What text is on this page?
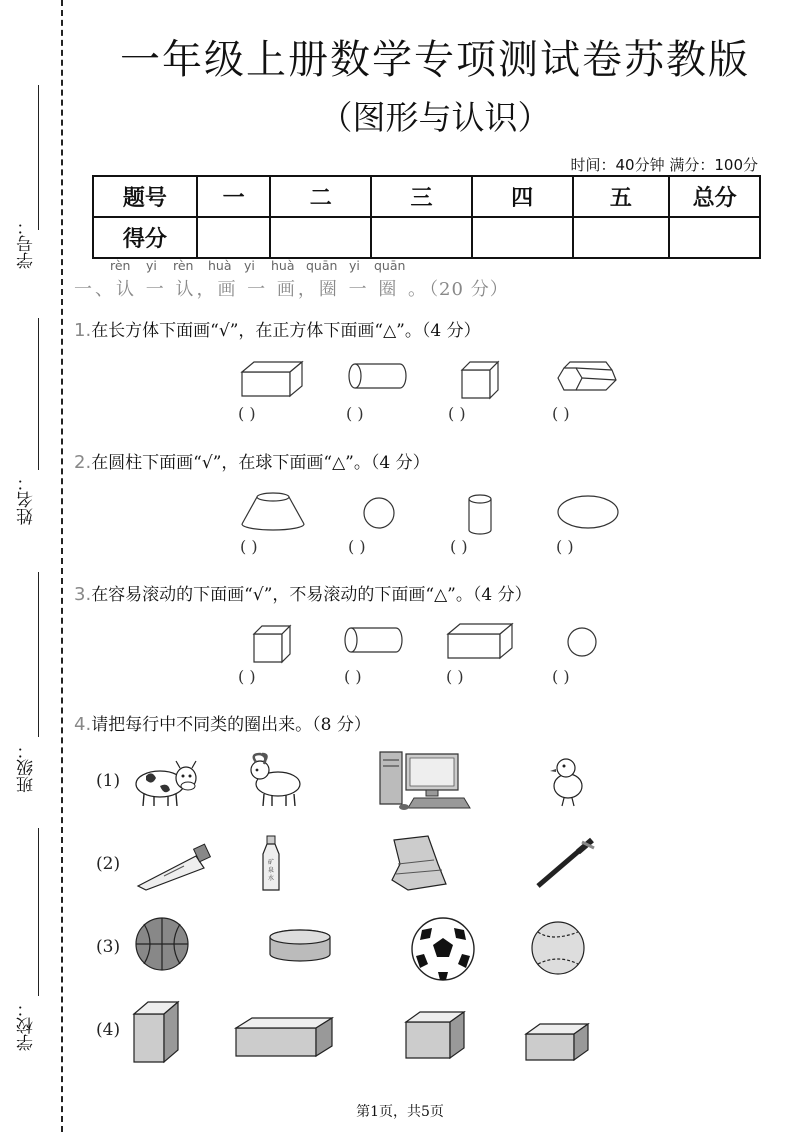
学号：
姓名：
班级：
学校：
一年级上册数学专项测试卷苏教版
（图形与认识）
时间：40分钟 满分：100分
题号	一	二	三	四	五	总分
得分						
rèn yi rèn huà yi huà quān yi quān
一、认 一 认，画 一 画，圈 一 圈 。（20 分）
1.在长方体下面画“√”，在正方体下面画“△”。（4 分）
( )	( )	( )	( )
2.在圆柱下面画“√”，在球下面画“△”。（4 分）
( )	( )	( )	( )
3.在容易滚动的下面画“√”，不易滚动的下面画“△”。（4 分）
( )	( )	( )	( )
4.请把每行中不同类的圈出来。（8 分）
(1)
(2)	矿
泉
水
(3)
(4)
第1页，共5页
